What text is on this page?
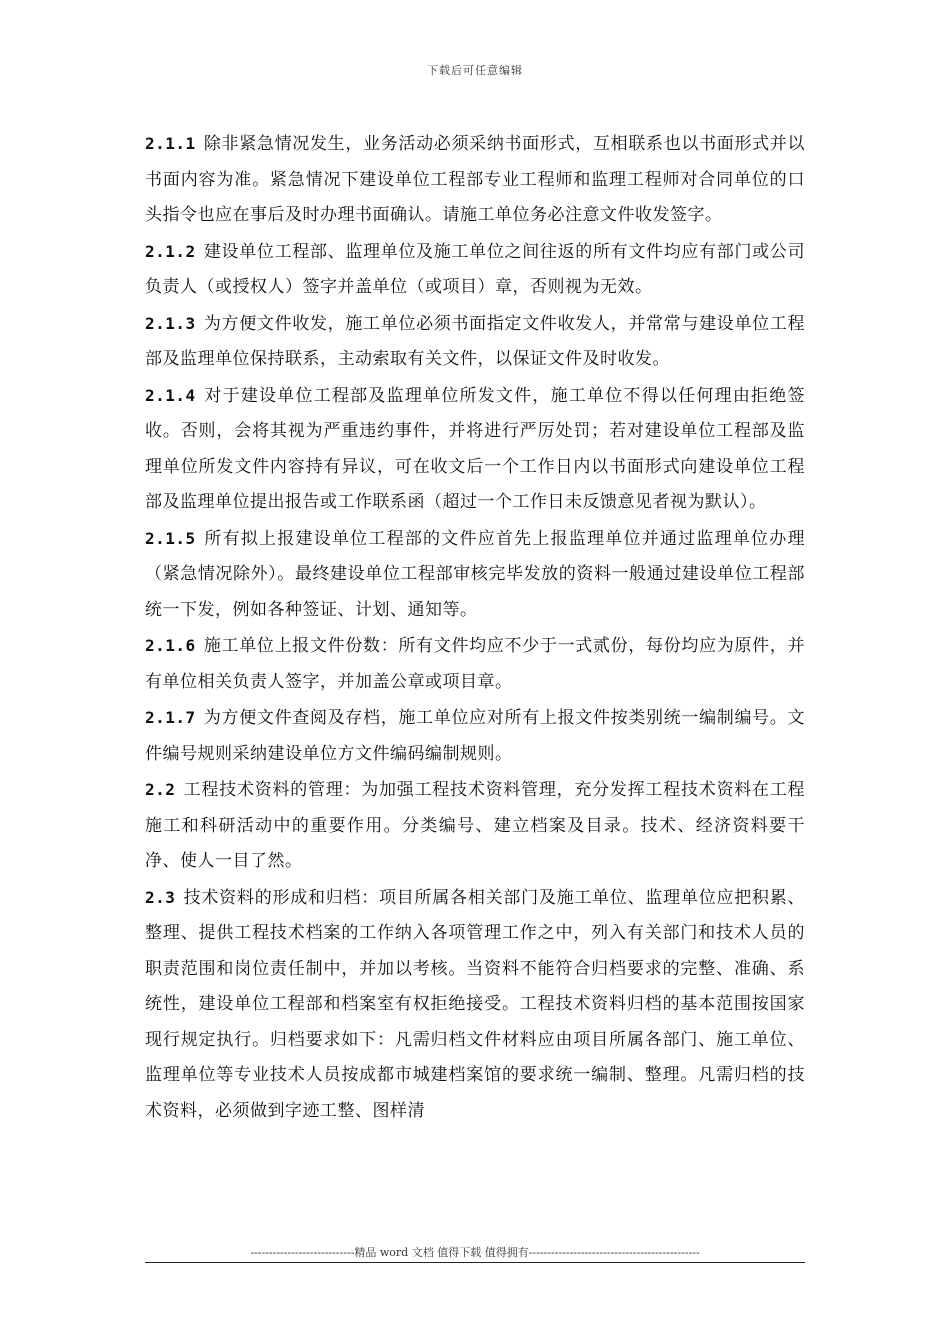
下载后可任意编辑

2.1.1 除非紧急情况发生，业务活动必须采纳书面形式，互相联系也以书面形式并以书面内容为准。紧急情况下建设单位工程部专业工程师和监理工程师对合同单位的口头指令也应在事后及时办理书面确认。请施工单位务必注意文件收发签字。

2.1.2 建设单位工程部、监理单位及施工单位之间往返的所有文件均应有部门或公司负责人（或授权人）签字并盖单位（或项目）章，否则视为无效。

2.1.3 为方便文件收发，施工单位必须书面指定文件收发人，并常常与建设单位工程部及监理单位保持联系，主动索取有关文件，以保证文件及时收发。

2.1.4 对于建设单位工程部及监理单位所发文件，施工单位不得以任何理由拒绝签收。否则，会将其视为严重违约事件，并将进行严厉处罚；若对建设单位工程部及监理单位所发文件内容持有异议，可在收文后一个工作日内以书面形式向建设单位工程部及监理单位提出报告或工作联系函（超过一个工作日未反馈意见者视为默认）。

2.1.5 所有拟上报建设单位工程部的文件应首先上报监理单位并通过监理单位办理（紧急情况除外）。最终建设单位工程部审核完毕发放的资料一般通过建设单位工程部统一下发，例如各种签证、计划、通知等。

2.1.6 施工单位上报文件份数：所有文件均应不少于一式贰份，每份均应为原件，并有单位相关负责人签字，并加盖公章或项目章。

2.1.7 为方便文件查阅及存档，施工单位应对所有上报文件按类别统一编制编号。文件编号规则采纳建设单位方文件编码编制规则。

2.2 工程技术资料的管理：为加强工程技术资料管理，充分发挥工程技术资料在工程施工和科研活动中的重要作用。分类编号、建立档案及目录。技术、经济资料要干净、使人一目了然。

2.3 技术资料的形成和归档：项目所属各相关部门及施工单位、监理单位应把积累、整理、提供工程技术档案的工作纳入各项管理工作之中，列入有关部门和技术人员的职责范围和岗位责任制中，并加以考核。当资料不能符合归档要求的完整、准确、系统性，建设单位工程部和档案室有权拒绝接受。工程技术资料归档的基本范围按国家现行规定执行。归档要求如下：凡需归档文件材料应由项目所属各部门、施工单位、监理单位等专业技术人员按成都市城建档案馆的要求统一编制、整理。凡需归档的技术资料，必须做到字迹工整、图样清

----------------------------精品 word 文档 值得下载 值得拥有----------------------------------------------
